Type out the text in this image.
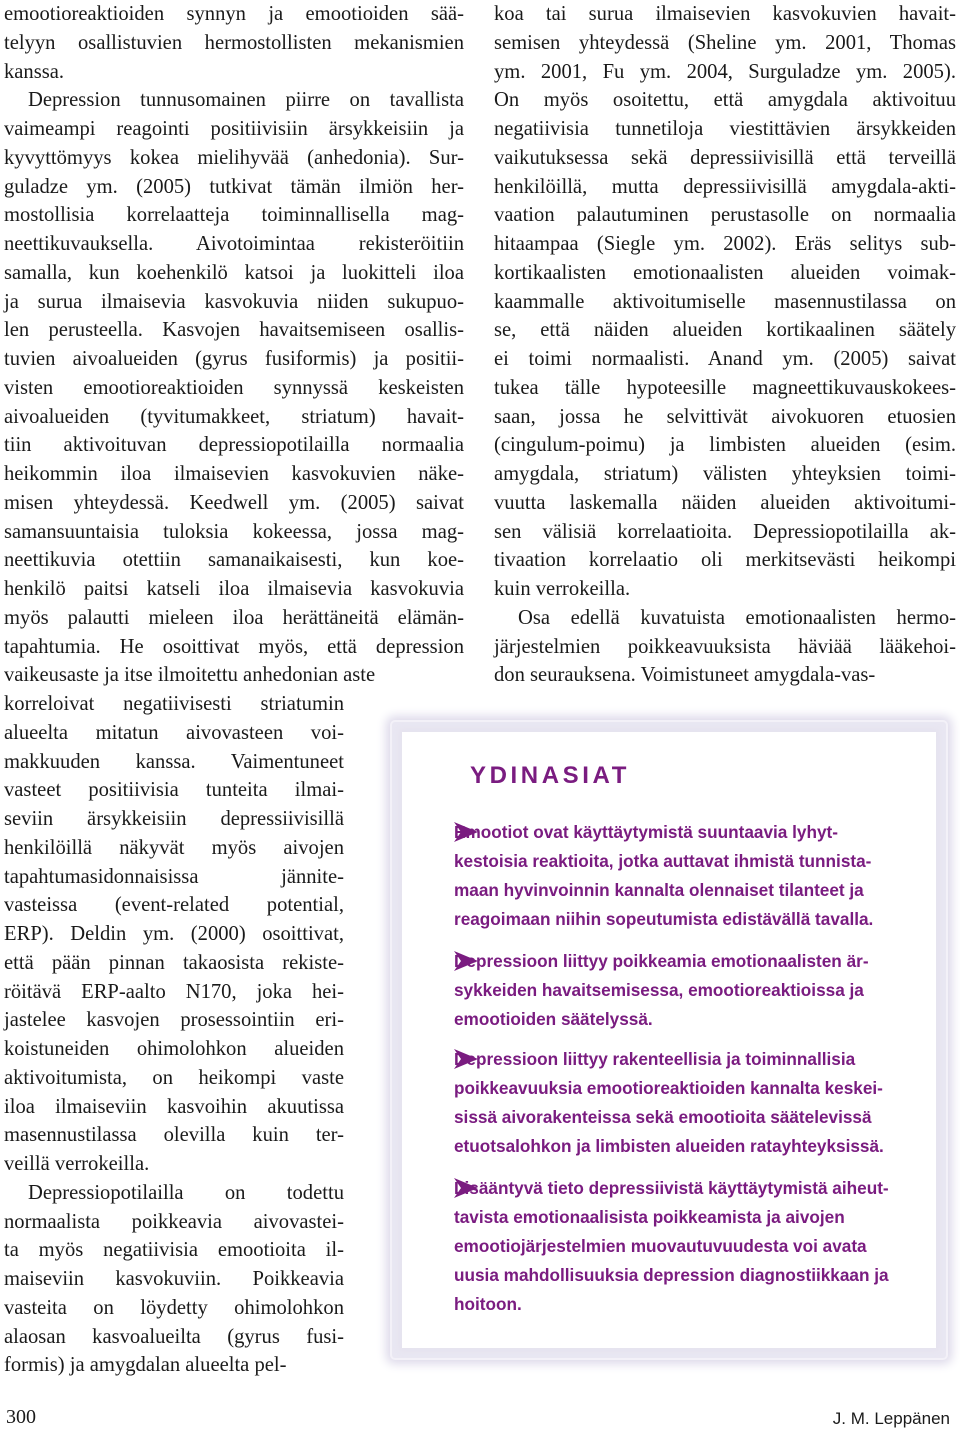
emootioreaktioiden synnyn ja emootioiden sää-
telyyn osallistuvien hermostollisten mekanismien
kanssa.

Depression tunnusomainen piirre on tavallista
vaimeampi reagointi positiivisiin ärsykkeisiin ja
kyvyttömyys kokea mielihyvää (anhedonia). Sur-
guladze ym. (2005) tutkivat tämän ilmiön her-
mostollisia korrelaatteja toiminnallisella mag-
neettikuvauksella. Aivotoimintaa rekisteröitiin
samalla, kun koehenkilö katsoi ja luokitteli iloa
ja surua ilmaisevia kasvokuvia niiden sukupuo-
len perusteella. Kasvojen havaitsemiseen osallis-
tuvien aivoalueiden (gyrus fusiformis) ja positii-
visten emootioreaktioiden synnyssä keskeisten
aivoalueiden (tyvitumakkeet, striatum) havait-
tiin aktivoituvan depressiopotilailla normaalia
heikommin iloa ilmaisevien kasvokuvien näke-
misen yhteydessä. Keedwell ym. (2005) saivat
samansuuntaisia tuloksia kokeessa, jossa mag-
neettikuvia otettiin samanaikaisesti, kun koe-
henkilö paitsi katseli iloa ilmaisevia kasvokuvia
myös palautti mieleen iloa herättäneitä elämän-
tapahtumia. He osoittivat myös, että depression
vaikeusaste ja itse ilmoitettu anhedonian aste

korreloivat negatiivisesti striatumin
alueelta mitatun aivovasteen voi-
makkuuden kanssa. Vaimentuneet
vasteet positiivisia tunteita ilmai-
seviin ärsykkeisiin depressiivisillä
henkilöillä näkyvät myös aivojen
tapahtumasidonnaisissa jännite-
vasteissa (event-related potential,
ERP). Deldin ym. (2000) osoittivat,
että pään pinnan takaosista rekiste-
röitävä ERP-aalto N170, joka hei-
jastelee kasvojen prosessointiin eri-
koistuneiden ohimolohkon alueiden
aktivoitumista, on heikompi vaste
iloa ilmaiseviin kasvoihin akuutissa
masennustilassa olevilla kuin ter-
veillä verrokeilla.

Depressiopotilailla on todettu
normaalista poikkeavia aivovastei-
ta myös negatiivisia emootioita il-
maiseviin kasvokuviin. Poikkeavia
vasteita on löydetty ohimolohkon
alaosan kasvoalueilta (gyrus fusi-
formis) ja amygdalan alueelta pel-

koa tai surua ilmaisevien kasvokuvien havait-
semisen yhteydessä (Sheline ym. 2001, Thomas
ym. 2001, Fu ym. 2004, Surguladze ym. 2005).
On myös osoitettu, että amygdala aktivoituu
negatiivisia tunnetiloja viestittävien ärsykkeiden
vaikutuksessa sekä depressiivisillä että terveillä
henkilöillä, mutta depressiivisillä amygdala-akti-
vaation palautuminen perustasolle on normaalia
hitaampaa (Siegle ym. 2002). Eräs selitys sub-
kortikaalisten emotionaalisten alueiden voimak-
kaammalle aktivoitumiselle masennustilassa on
se, että näiden alueiden kortikaalinen säätely
ei toimi normaalisti. Anand ym. (2005) saivat
tukea tälle hypoteesille magneettikuvauskokees-
saan, jossa he selvittivät aivokuoren etuosien
(cingulum-poimu) ja limbisten alueiden (esim.
amygdala, striatum) välisten yhteyksien toimi-
vuutta laskemalla näiden alueiden aktivoitumi-
sen välisiä korrelaatioita. Depressiopotilailla ak-
tivaation korrelaatio oli merkitsevästi heikompi
kuin verrokeilla.

Osa edellä kuvatuista emotionaalisten hermo-
järjestelmien poikkeavuuksista häviää lääkehoi-
don seurauksena. Voimistuneet amygdala-vas-

YDINASIAT
Emootiot ovat käyttäytymistä suuntaavia lyhyt-
kestoisia reaktioita, jotka auttavat ihmistä tunnista-
maan hyvinvoinnin kannalta olennaiset tilanteet ja
reagoimaan niihin sopeutumista edistävällä tavalla.
Depressioon liittyy poikkeamia emotionaalisten är-
sykkeiden havaitsemisessa, emootioreaktioissa ja
emootioiden säätelyssä.
Depressioon liittyy rakenteellisia ja toiminnallisia
poikkeavuuksia emootioreaktioiden kannalta keskei-
sissä aivorakenteissa sekä emootioita säätelevissä
etuotsalohkon ja limbisten alueiden ratayhteyksissä.
Lisääntyvä tieto depressiivistä käyttäytymistä aiheut-
tavista emotionaalisista poikkeamista ja aivojen
emootiojärjestelmien muovautuvuudesta voi avata
uusia mahdollisuuksia depression diagnostiikkaan ja
hoitoon.
300	J. M. Leppänen
